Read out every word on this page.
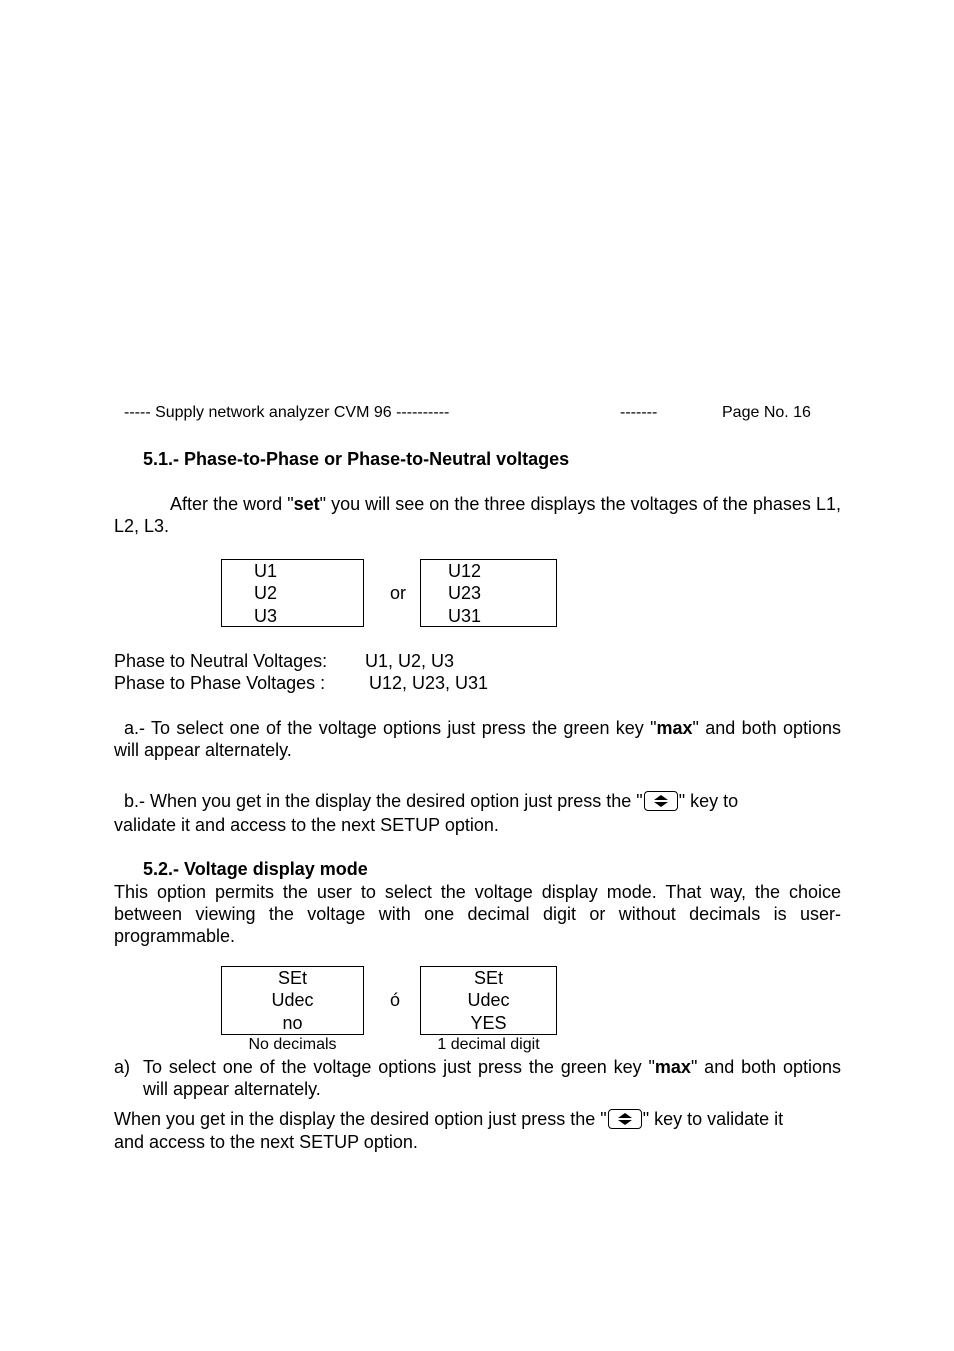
----- Supply network analyzer CVM 96 ----------	-------	Page No. 16
5.1.- Phase-to-Phase or Phase-to-Neutral voltages
After the word "set" you will see on the three displays the voltages of the phases L1, L2, L3.
U1
U2
U3
or
U12
U23
U31
Phase to Neutral Voltages: U1, U2, U3
Phase to Phase Voltages : U12, U23, U31
a.- To select one of the voltage options just press the green key "max" and both options will appear alternately.
b.- When you get in the display the desired option just press the " " key to
validate it and access to the next SETUP option.
5.2.- Voltage display mode
This option permits the user to select the voltage display mode. That way, the choice between viewing the voltage with one decimal digit or without decimals is user-programmable.
SEt
Udec
no
ó
SEt
Udec
YES
No decimals	1 decimal digit
a) To select one of the voltage options just press the green key "max" and both options will appear alternately.
When you get in the display the desired option just press the " " key to validate it
and access to the next SETUP option.
